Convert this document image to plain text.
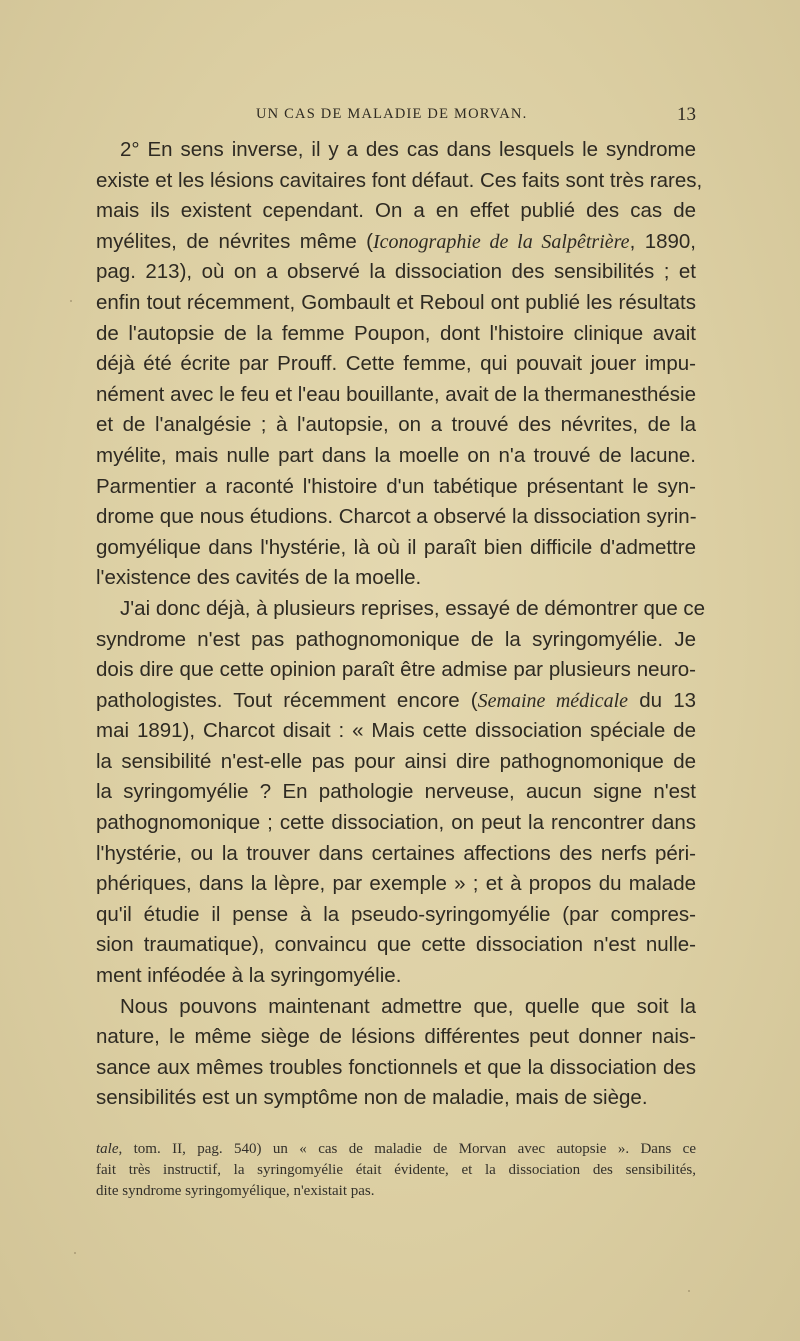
UN CAS DE MALADIE DE MORVAN.	13
2° En sens inverse, il y a des cas dans lesquels le syndrome
existe et les lésions cavitaires font défaut. Ces faits sont très rares,
mais ils existent cependant. On a en effet publié des cas de
myélites, de névrites même (Iconographie de la Salpêtrière, 1890,
pag. 213), où on a observé la dissociation des sensibilités ; et
enfin tout récemment, Gombault et Reboul ont publié les résultats
de l'autopsie de la femme Poupon, dont l'histoire clinique avait
déjà été écrite par Prouff. Cette femme, qui pouvait jouer impu-
nément avec le feu et l'eau bouillante, avait de la thermanesthésie
et de l'analgésie ; à l'autopsie, on a trouvé des névrites, de la
myélite, mais nulle part dans la moelle on n'a trouvé de lacune.
Parmentier a raconté l'histoire d'un tabétique présentant le syn-
drome que nous étudions. Charcot a observé la dissociation syrin-
gomyélique dans l'hystérie, là où il paraît bien difficile d'admettre
l'existence des cavités de la moelle.
J'ai donc déjà, à plusieurs reprises, essayé de démontrer que ce
syndrome n'est pas pathognomonique de la syringomyélie. Je
dois dire que cette opinion paraît être admise par plusieurs neuro-
pathologistes. Tout récemment encore (Semaine médicale du 13
mai 1891), Charcot disait : « Mais cette dissociation spéciale de
la sensibilité n'est-elle pas pour ainsi dire pathognomonique de
la syringomyélie ? En pathologie nerveuse, aucun signe n'est
pathognomonique ; cette dissociation, on peut la rencontrer dans
l'hystérie, ou la trouver dans certaines affections des nerfs péri-
phériques, dans la lèpre, par exemple » ; et à propos du malade
qu'il étudie il pense à la pseudo-syringomyélie (par compres-
sion traumatique), convaincu que cette dissociation n'est nulle-
ment inféodée à la syringomyélie.
Nous pouvons maintenant admettre que, quelle que soit la
nature, le même siège de lésions différentes peut donner nais-
sance aux mêmes troubles fonctionnels et que la dissociation des
sensibilités est un symptôme non de maladie, mais de siège.
tale, tom. II, pag. 540) un « cas de maladie de Morvan avec autopsie ». Dans ce
fait très instructif, la syringomyélie était évidente, et la dissociation des sensibilités,
dite syndrome syringomyélique, n'existait pas.
